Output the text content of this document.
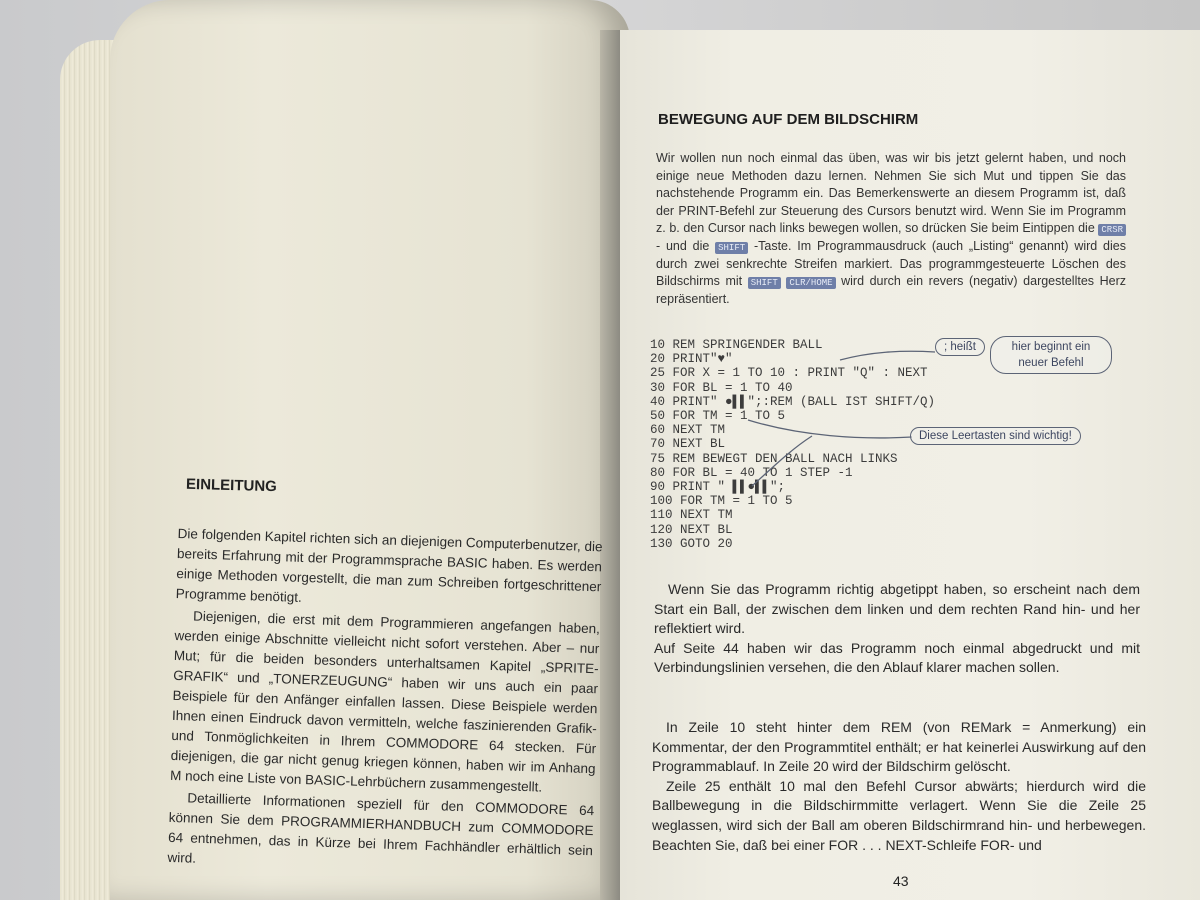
EINLEITUNG

Die folgenden Kapitel richten sich an diejenigen Computerbenutzer, die bereits Erfahrung mit der Programmsprache BASIC haben. Es werden einige Methoden vorgestellt, die man zum Schreiben fortgeschrittener Programme benötigt.

Diejenigen, die erst mit dem Programmieren angefangen haben, werden einige Abschnitte vielleicht nicht sofort verstehen. Aber – nur Mut; für die beiden besonders unterhaltsamen Kapitel „SPRITE-GRAFIK“ und „TONERZEUGUNG“ haben wir uns auch ein paar Beispiele für den Anfänger einfallen lassen. Diese Beispiele werden Ihnen einen Eindruck davon vermitteln, welche faszinierenden Grafik- und Tonmöglichkeiten in Ihrem COMMODORE 64 stecken. Für diejenigen, die gar nicht genug kriegen können, haben wir im Anhang M noch eine Liste von BASIC-Lehrbüchern zusammengestellt.

Detaillierte Informationen speziell für den COMMODORE 64 können Sie dem PROGRAMMIERHANDBUCH zum COMMODORE 64 entnehmen, das in Kürze bei Ihrem Fachhändler erhältlich sein wird.

BEWEGUNG AUF DEM BILDSCHIRM
Wir wollen nun noch einmal das üben, was wir bis jetzt gelernt haben, und noch einige neue Methoden dazu lernen. Nehmen Sie sich Mut und tippen Sie das nachstehende Programm ein. Das Bemerkenswerte an diesem Programm ist, daß der PRINT-Befehl zur Steuerung des Cursors benutzt wird. Wenn Sie im Programm z. b. den Cursor nach links bewegen wollen, so drücken Sie beim Eintippen die CRSR - und die SHIFT -Taste. Im Programmausdruck (auch „Listing“ genannt) wird dies durch zwei senkrechte Streifen markiert. Das programmgesteuerte Löschen des Bildschirms mit SHIFT CLR/HOME wird durch ein revers (negativ) dargestelltes Herz repräsentiert.
10 REM SPRINGENDER BALL
20 PRINT"♥"
25 FOR X = 1 TO 10 : PRINT "Q" : NEXT
30 FOR BL = 1 TO 40
40 PRINT" ●▌▌";:REM (BALL IST SHIFT/Q)
50 FOR TM = 1 TO 5
60 NEXT TM
70 NEXT BL
75 REM BEWEGT DEN BALL NACH LINKS
80 FOR BL = 40 TO 1 STEP -1
90 PRINT " ▌▌●▌▌";
100 FOR TM = 1 TO 5
110 NEXT TM
120 NEXT BL
130 GOTO 20
; heißt	hier beginnt ein neuer Befehl
Diese Leertasten sind wichtig!

Wenn Sie das Programm richtig abgetippt haben, so erscheint nach dem Start ein Ball, der zwischen dem linken und dem rechten Rand hin- und her reflektiert wird.

Auf Seite 44 haben wir das Programm noch einmal abgedruckt und mit Verbindungslinien versehen, die den Ablauf klarer machen sollen.

In Zeile 10 steht hinter dem REM (von REMark = Anmerkung) ein Kommentar, der den Programmtitel enthält; er hat keinerlei Auswirkung auf den Programmablauf. In Zeile 20 wird der Bildschirm gelöscht.

Zeile 25 enthält 10 mal den Befehl Cursor abwärts; hierdurch wird die Ballbewegung in die Bildschirmmitte verlagert. Wenn Sie die Zeile 25 weglassen, wird sich der Ball am oberen Bildschirmrand hin- und herbewegen. Beachten Sie, daß bei einer FOR . . . NEXT-Schleife FOR- und

43
